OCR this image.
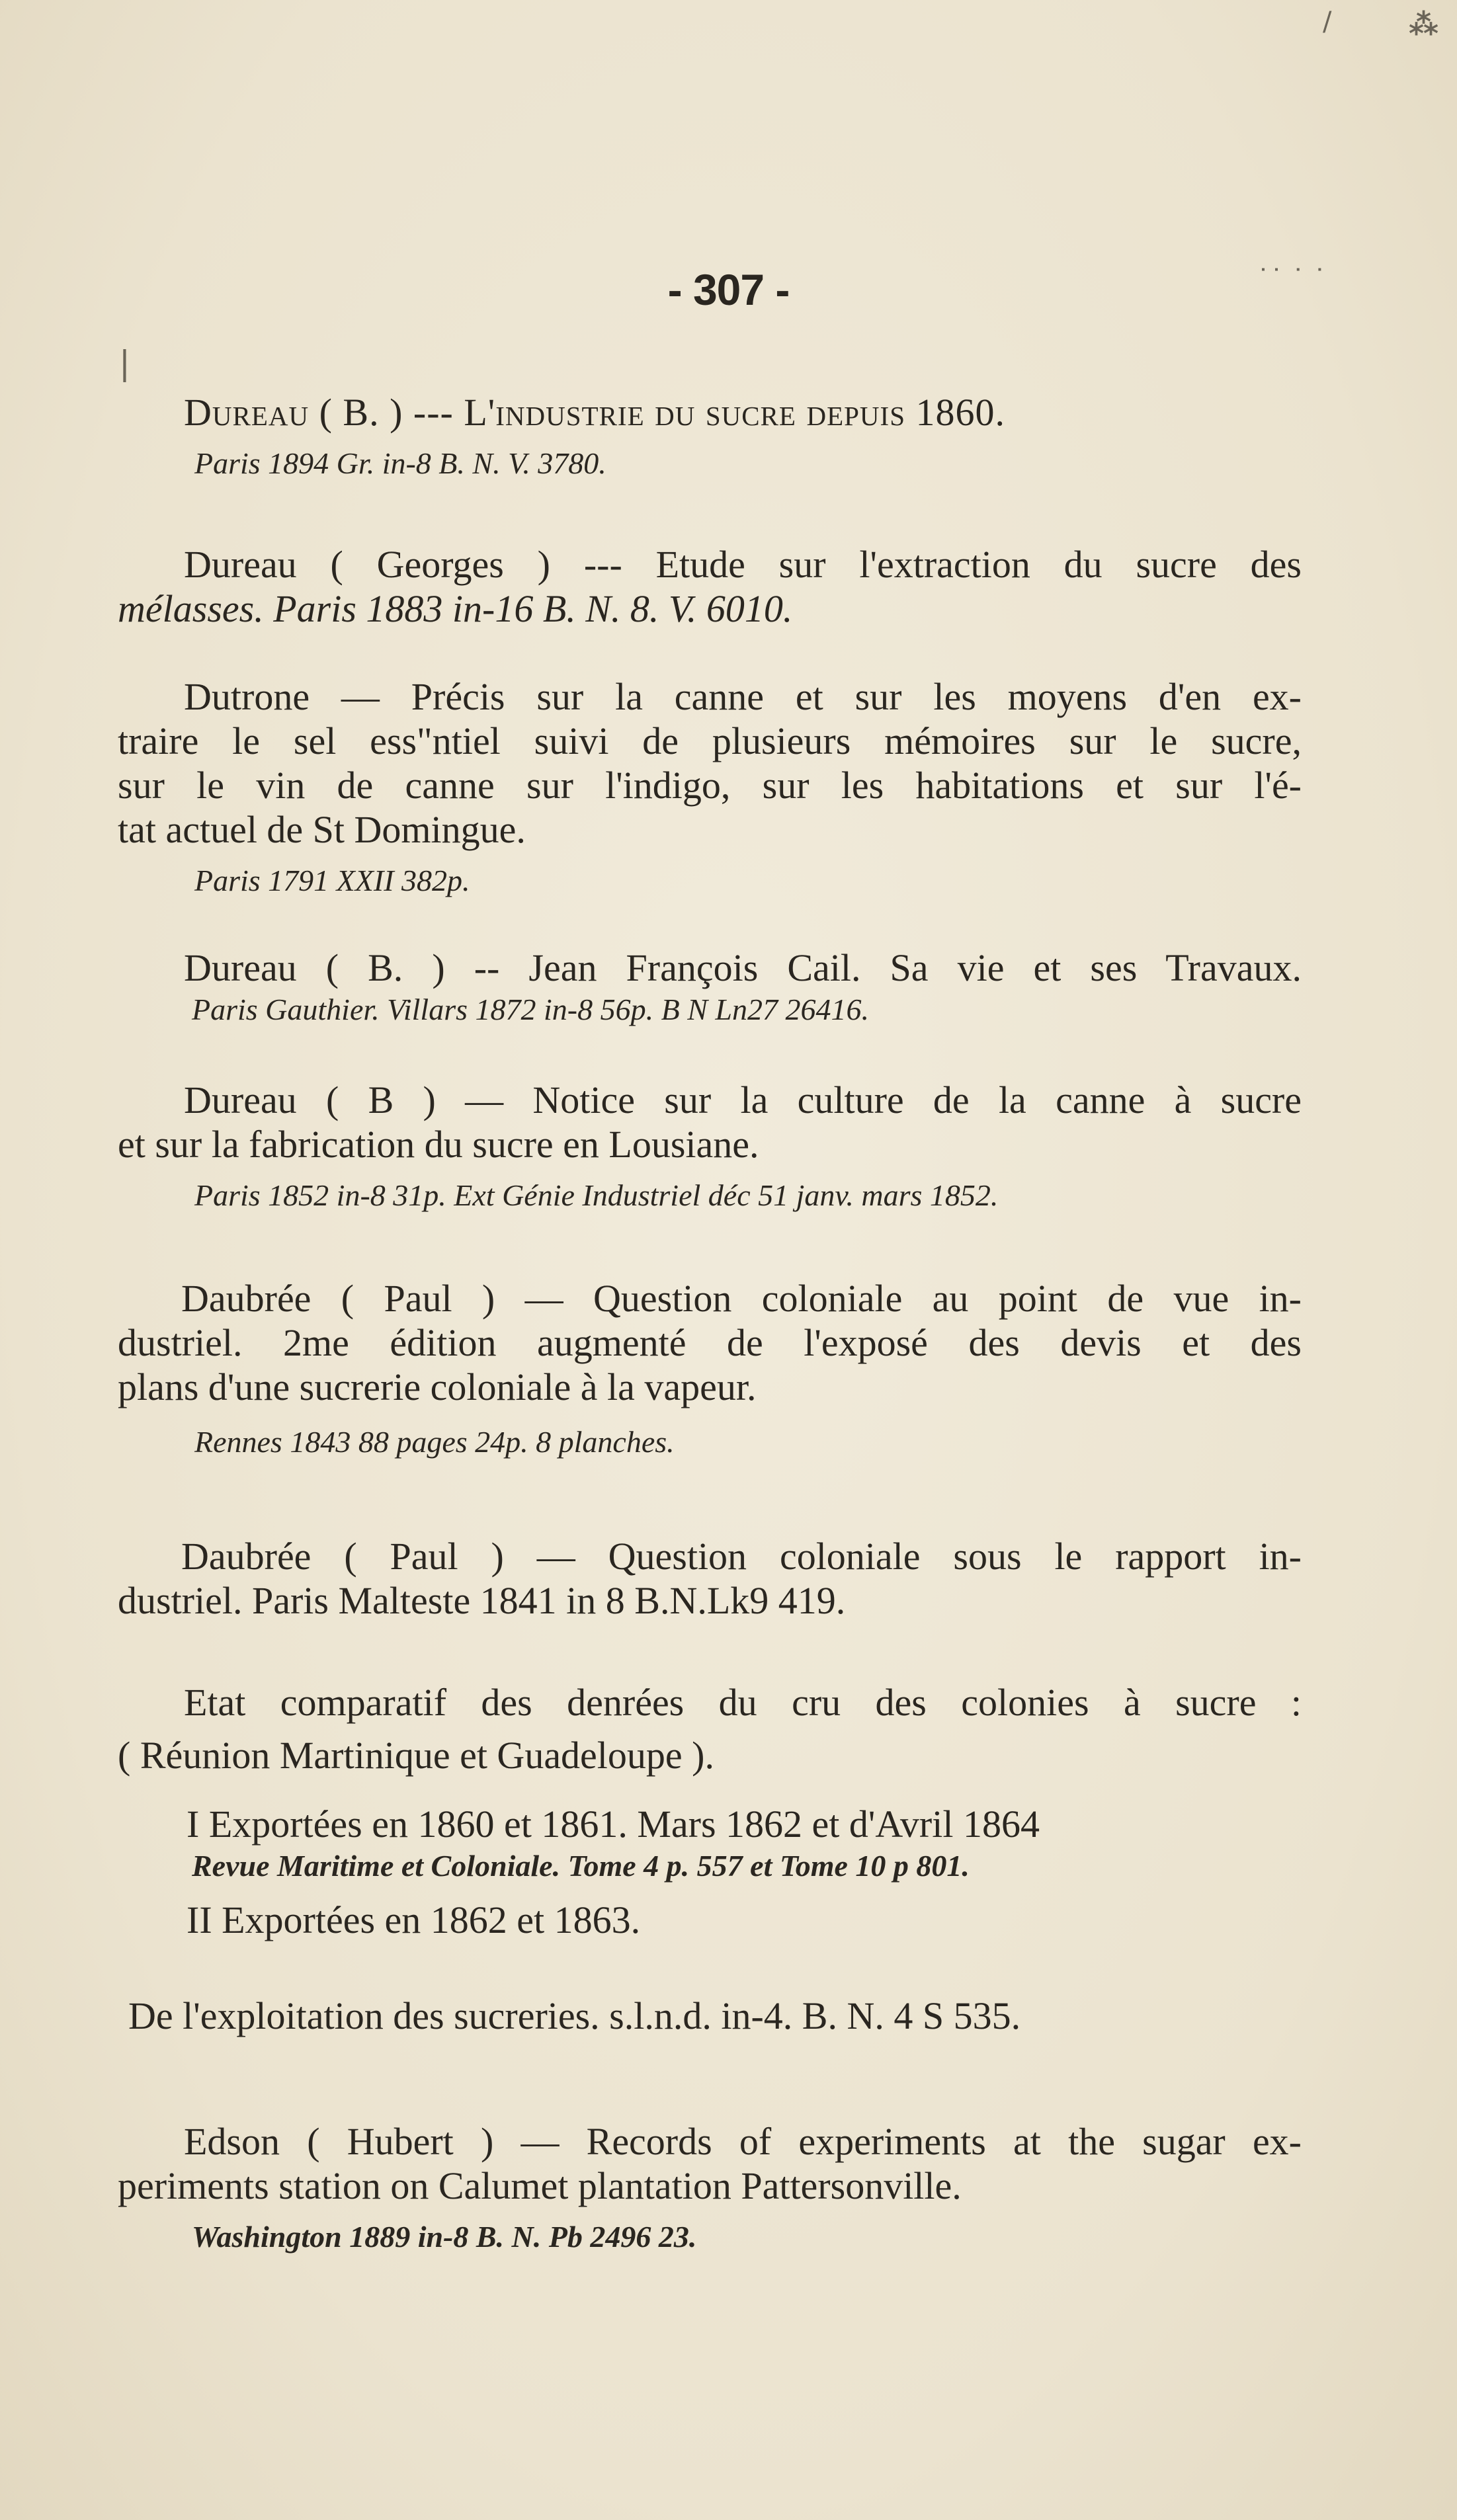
/	⁂
˙˙ ˙ ˙
|
- 307 -
Dureau ( B. ) --- L'industrie du sucre depuis 1860.
Paris 1894 Gr. in-8 B. N. V. 3780.
Dureau ( Georges ) --- Etude sur l'extraction du sucre des
mélasses. Paris 1883 in-16 B. N. 8. V. 6010.
Dutrone — Précis sur la canne et sur les moyens d'en ex-
traire le sel ess"ntiel suivi de plusieurs mémoires sur le sucre,
sur le vin de canne sur l'indigo, sur les habitations et sur l'é-
tat actuel de St Domingue.
Paris 1791 XXII 382p.
Dureau ( B. ) -- Jean François Cail. Sa vie et ses Travaux.
Paris Gauthier. Villars 1872 in-8 56p. B N Ln27 26416.
Dureau ( B ) — Notice sur la culture de la canne à sucre
et sur la fabrication du sucre en Lousiane.
Paris 1852 in-8 31p. Ext Génie Industriel déc 51 janv. mars 1852.
Daubrée ( Paul ) — Question coloniale au point de vue in-
dustriel. 2me édition augmenté de l'exposé des devis et des
plans d'une sucrerie coloniale à la vapeur.
Rennes 1843 88 pages 24p. 8 planches.
Daubrée ( Paul ) — Question coloniale sous le rapport in-
dustriel. Paris Malteste 1841 in 8 B.N.Lk9 419.
Etat comparatif des denrées du cru des colonies à sucre :
( Réunion Martinique et Guadeloupe ).
I Exportées en 1860 et 1861. Mars 1862 et d'Avril 1864
Revue Maritime et Coloniale. Tome 4 p. 557 et Tome 10 p 801.
II Exportées en 1862 et 1863.
De l'exploitation des sucreries. s.l.n.d. in-4. B. N. 4 S 535.
Edson ( Hubert ) — Records of experiments at the sugar ex-
periments station on Calumet plantation Pattersonville.
Washington 1889 in-8 B. N. Pb 2496 23.
